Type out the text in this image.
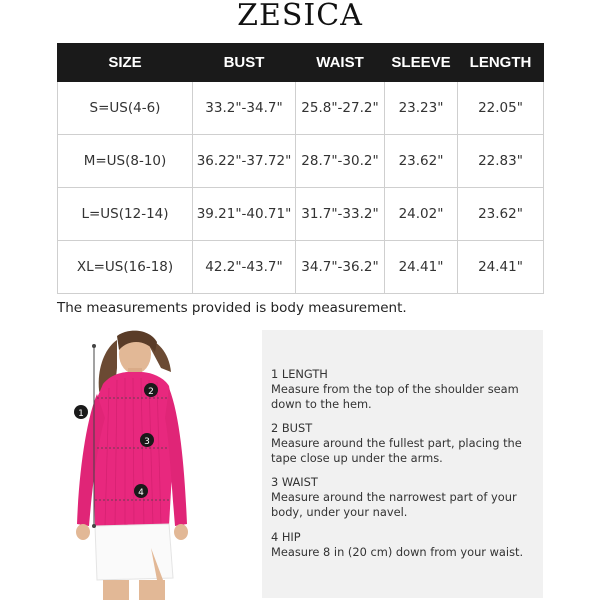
ZESICA
SIZE	BUST	WAIST	SLEEVE	LENGTH
S=US(4-6)	33.2"-34.7"	25.8"-27.2"	23.23"	22.05"
M=US(8-10)	36.22"-37.72"	28.7"-30.2"	23.62"	22.83"
L=US(12-14)	39.21"-40.71"	31.7"-33.2"	24.02"	23.62"
XL=US(16-18)	42.2"-43.7"	34.7"-36.2"	24.41"	24.41"
The measurements provided is body measurement.
1
2
3
4
1 LENGTH
Measure from the top of the shoulder seam down to the hem.
2 BUST
Measure around the fullest part, placing the tape close up under the arms.
3 WAIST
Measure around the narrowest part of your body, under your navel.
4 HIP
Measure 8 in (20 cm) down from your waist.
